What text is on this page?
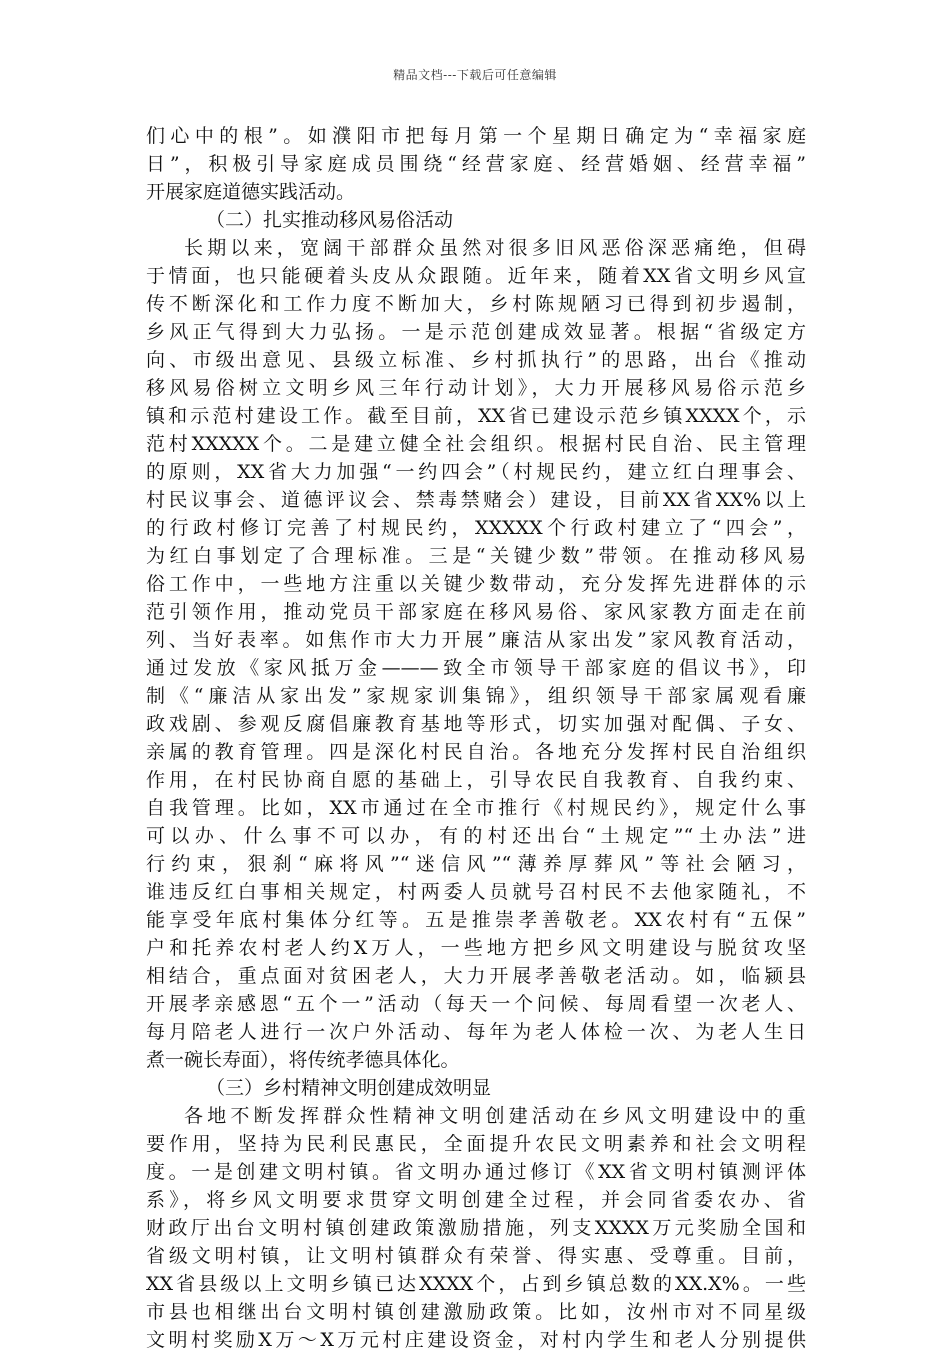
精品文档---下载后可任意编辑
们心中的根”。如濮阳市把每月第一个星期日确定为“幸福家庭
日”，积极引导家庭成员围绕“经营家庭、经营婚姻、经营幸福”
开展家庭道德实践活动。
（二）扎实推动移风易俗活动
长期以来，宽阔干部群众虽然对很多旧风恶俗深恶痛绝，但碍
于情面，也只能硬着头皮从众跟随。近年来，随着XX省文明乡风宣
传不断深化和工作力度不断加大，乡村陈规陋习已得到初步遏制，
乡风正气得到大力弘扬。一是示范创建成效显著。根据“省级定方
向、市级出意见、县级立标准、乡村抓执行”的思路，出台《推动
移风易俗树立文明乡风三年行动计划》，大力开展移风易俗示范乡
镇和示范村建设工作。截至目前，XX省已建设示范乡镇XXXX个，示
范村XXXXX个。二是建立健全社会组织。根据村民自治、民主管理
的原则，XX省大力加强“一约四会”（村规民约，建立红白理事会、
村民议事会、道德评议会、禁毒禁赌会）建设，目前XX省XX%以上
的行政村修订完善了村规民约，XXXXX个行政村建立了“四会”，
为红白事划定了合理标准。三是“关键少数”带领。在推动移风易
俗工作中，一些地方注重以关键少数带动，充分发挥先进群体的示
范引领作用，推动党员干部家庭在移风易俗、家风家教方面走在前
列、当好表率。如焦作市大力开展”廉洁从家出发”家风教育活动，
通过发放《家风抵万金———致全市领导干部家庭的倡议书》，印
制《“廉洁从家出发”家规家训集锦》，组织领导干部家属观看廉
政戏剧、参观反腐倡廉教育基地等形式，切实加强对配偶、子女、
亲属的教育管理。四是深化村民自治。各地充分发挥村民自治组织
作用，在村民协商自愿的基础上，引导农民自我教育、自我约束、
自我管理。比如，XX市通过在全市推行《村规民约》，规定什么事
可以办、什么事不可以办，有的村还出台“土规定”“土办法”进
行约束，狠刹“麻将风”“迷信风”“薄养厚葬风”等社会陋习，
谁违反红白事相关规定，村两委人员就号召村民不去他家随礼，不
能享受年底村集体分红等。五是推崇孝善敬老。XX农村有“五保”
户和托养农村老人约X万人，一些地方把乡风文明建设与脱贫攻坚
相结合，重点面对贫困老人，大力开展孝善敬老活动。如，临颍县
开展孝亲感恩“五个一”活动（每天一个问候、每周看望一次老人、
每月陪老人进行一次户外活动、每年为老人体检一次、为老人生日
煮一碗长寿面），将传统孝德具体化。
（三）乡村精神文明创建成效明显
各地不断发挥群众性精神文明创建活动在乡风文明建设中的重
要作用，坚持为民利民惠民，全面提升农民文明素养和社会文明程
度。一是创建文明村镇。省文明办通过修订《XX省文明村镇测评体
系》，将乡风文明要求贯穿文明创建全过程，并会同省委农办、省
财政厅出台文明村镇创建政策激励措施，列支XXXX万元奖励全国和
省级文明村镇，让文明村镇群众有荣誉、得实惠、受尊重。目前，
XX省县级以上文明乡镇已达XXXX个，占到乡镇总数的XX.X%。一些
市县也相继出台文明村镇创建激励政策。比如，汝州市对不同星级
文明村奖励X万～X万元村庄建设资金，对村内学生和老人分别提供
